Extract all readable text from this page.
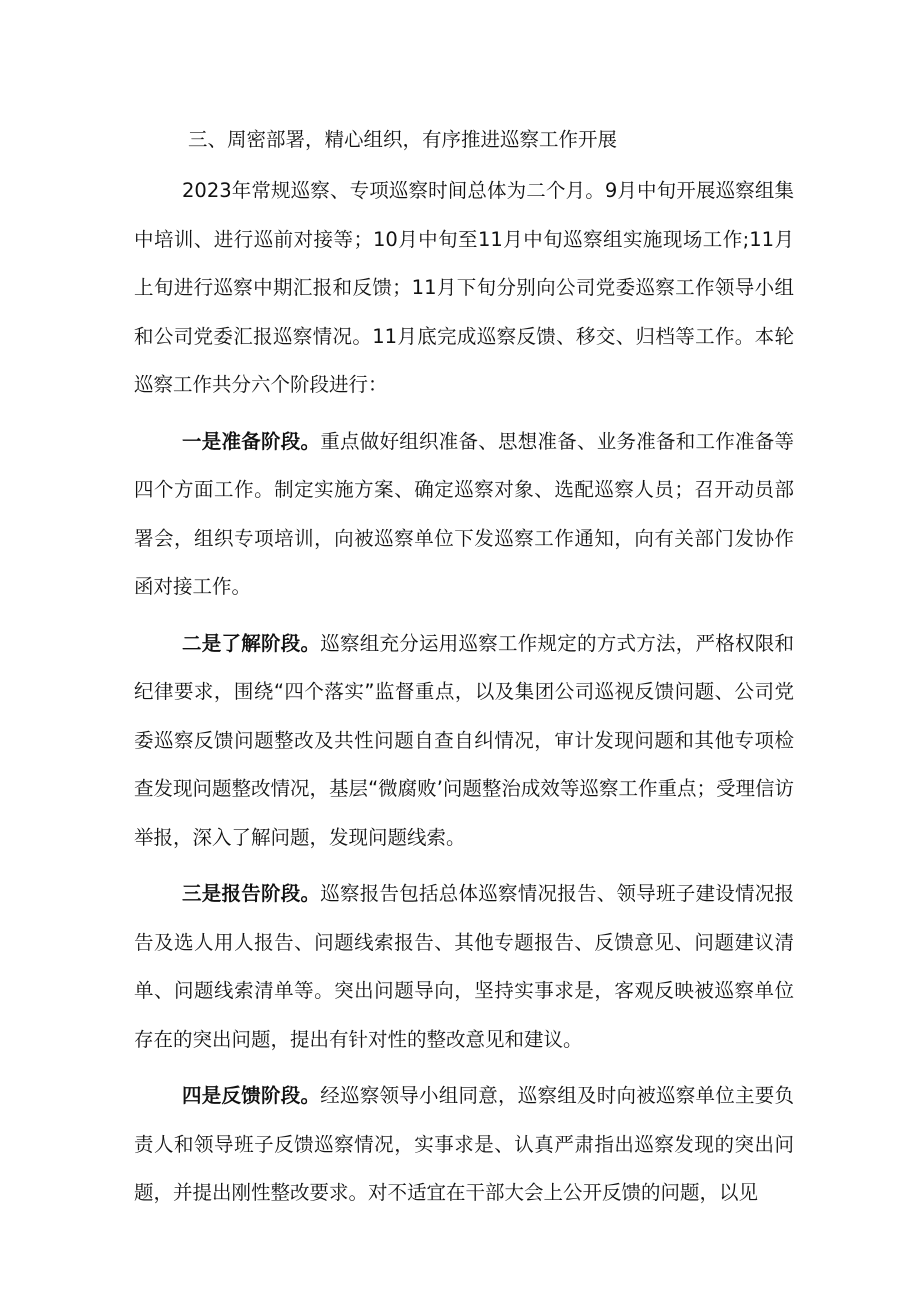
三、周密部署，精心组织，有序推进巡察工作开展

2023年常规巡察、专项巡察时间总体为二个月。9月中旬开展巡察组集中培训、进行巡前对接等；10月中旬至11月中旬巡察组实施现场工作;11月上旬进行巡察中期汇报和反馈；11月下旬分别向公司党委巡察工作领导小组和公司党委汇报巡察情况。11月底完成巡察反馈、移交、归档等工作。本轮巡察工作共分六个阶段进行：

一是准备阶段。重点做好组织准备、思想准备、业务准备和工作准备等四个方面工作。制定实施方案、确定巡察对象、选配巡察人员；召开动员部署会，组织专项培训，向被巡察单位下发巡察工作通知，向有关部门发协作函对接工作。

二是了解阶段。巡察组充分运用巡察工作规定的方式方法，严格权限和纪律要求，围绕“四个落实”监督重点，以及集团公司巡视反馈问题、公司党委巡察反馈问题整改及共性问题自查自纠情况，审计发现问题和其他专项检查发现问题整改情况，基层“微腐败’问题整治成效等巡察工作重点；受理信访举报，深入了解问题，发现问题线索。

三是报告阶段。巡察报告包括总体巡察情况报告、领导班子建设情况报告及选人用人报告、问题线索报告、其他专题报告、反馈意见、问题建议清单、问题线索清单等。突出问题导向，坚持实事求是，客观反映被巡察单位存在的突出问题，提出有针对性的整改意见和建议。

四是反馈阶段。经巡察领导小组同意，巡察组及时向被巡察单位主要负责人和领导班子反馈巡察情况，实事求是、认真严肃指出巡察发现的突出问题，并提出刚性整改要求。对不适宜在干部大会上公开反馈的问题，以见
